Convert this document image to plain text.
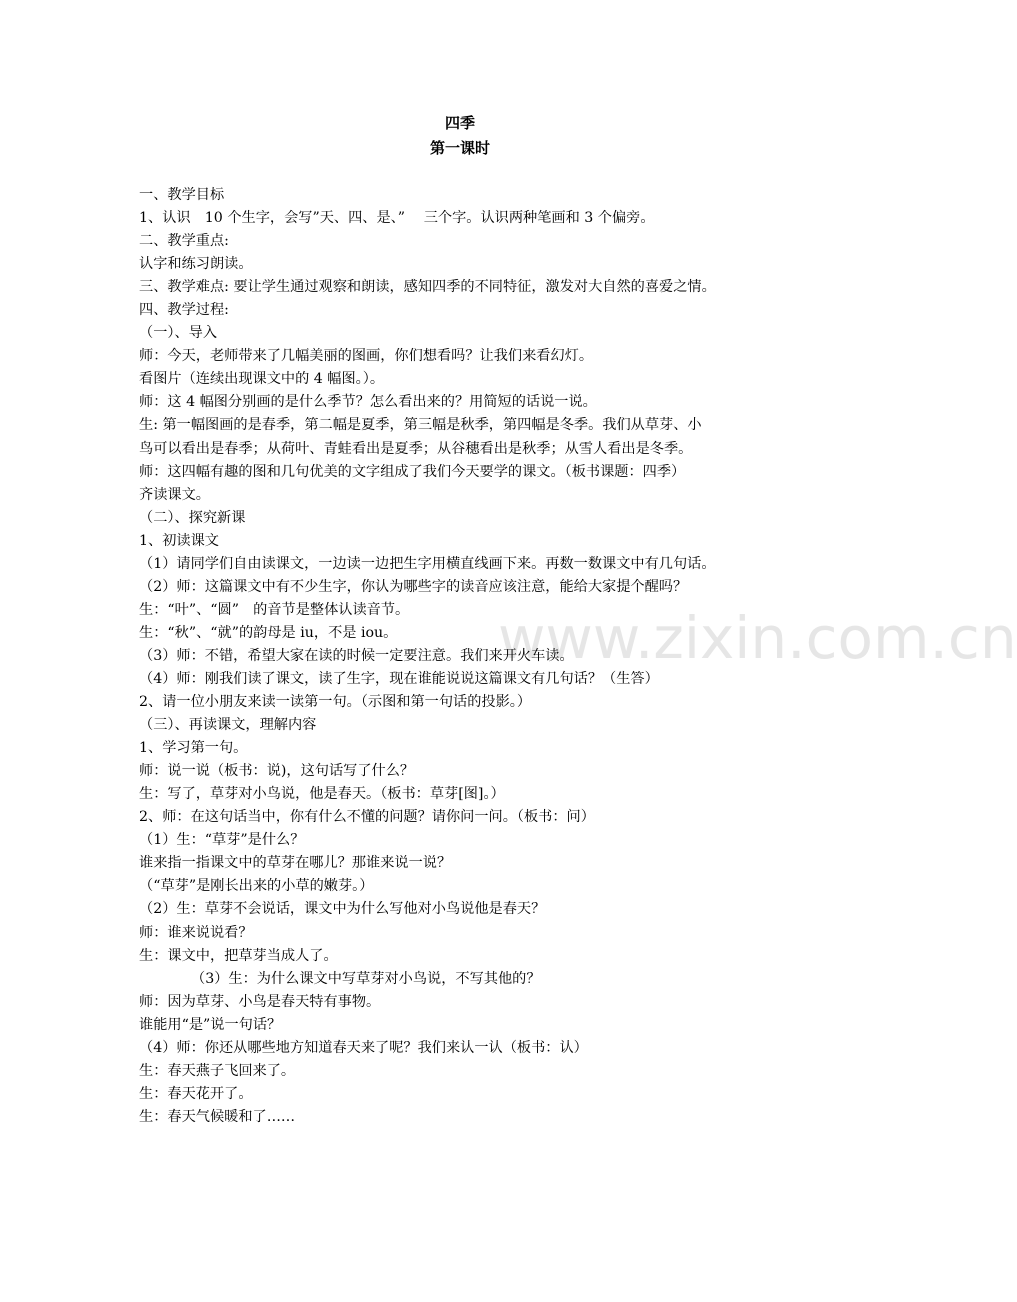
四季
第一课时
www.zixin.com.cn
一、教学目标
1、认识　10 个生字，会写”天、四、是、”　 三个字。认识两种笔画和 3 个偏旁。
二、教学重点:
认字和练习朗读。
三、教学难点: 要让学生通过观察和朗读，感知四季的不同特征，激发对大自然的喜爱之情。
四、教学过程:
（一）、导入
师：今天，老师带来了几幅美丽的图画，你们想看吗？让我们来看幻灯。
看图片（连续出现课文中的 4 幅图。）。
师：这 4 幅图分别画的是什么季节？怎么看出来的？用简短的话说一说。
生: 第一幅图画的是春季，第二幅是夏季，第三幅是秋季，第四幅是冬季。我们从草芽、小
鸟可以看出是春季；从荷叶、青蛙看出是夏季；从谷穗看出是秋季；从雪人看出是冬季。
师：这四幅有趣的图和几句优美的文字组成了我们今天要学的课文。（板书课题：四季）
齐读课文。
（二）、探究新课
1、初读课文
（1）请同学们自由读课文，一边读一边把生字用横直线画下来。再数一数课文中有几句话。
（2）师：这篇课文中有不少生字，你认为哪些字的读音应该注意，能给大家提个醒吗？
生：“叶”、“圆”　的音节是整体认读音节。
生：“秋”、“就”的韵母是 iu，不是 iou。
（3）师：不错，希望大家在读的时候一定要注意。我们来开火车读。
（4）师：刚我们读了课文，读了生字，现在谁能说说这篇课文有几句话？（生答）
2、请一位小朋友来读一读第一句。（示图和第一句话的投影。）
（三）、再读课文，理解内容
1、学习第一句。
师：说一说（板书：说)，这句话写了什么？
生：写了，草芽对小鸟说，他是春天。（板书：草芽[图]。）
2、师：在这句话当中，你有什么不懂的问题？请你问一问。（板书：问）
（1）生：“草芽”是什么？
谁来指一指课文中的草芽在哪儿？那谁来说一说？
（“草芽”是刚长出来的小草的嫩芽。）
（2）生：草芽不会说话，课文中为什么写他对小鸟说他是春天？
师：谁来说说看？
生：课文中，把草芽当成人了。
（3）生：为什么课文中写草芽对小鸟说，不写其他的？
师：因为草芽、小鸟是春天特有事物。
谁能用“是”说一句话？
（4）师：你还从哪些地方知道春天来了呢？我们来认一认（板书：认）
生：春天燕子飞回来了。
生：春天花开了。
生：春天气候暖和了……
